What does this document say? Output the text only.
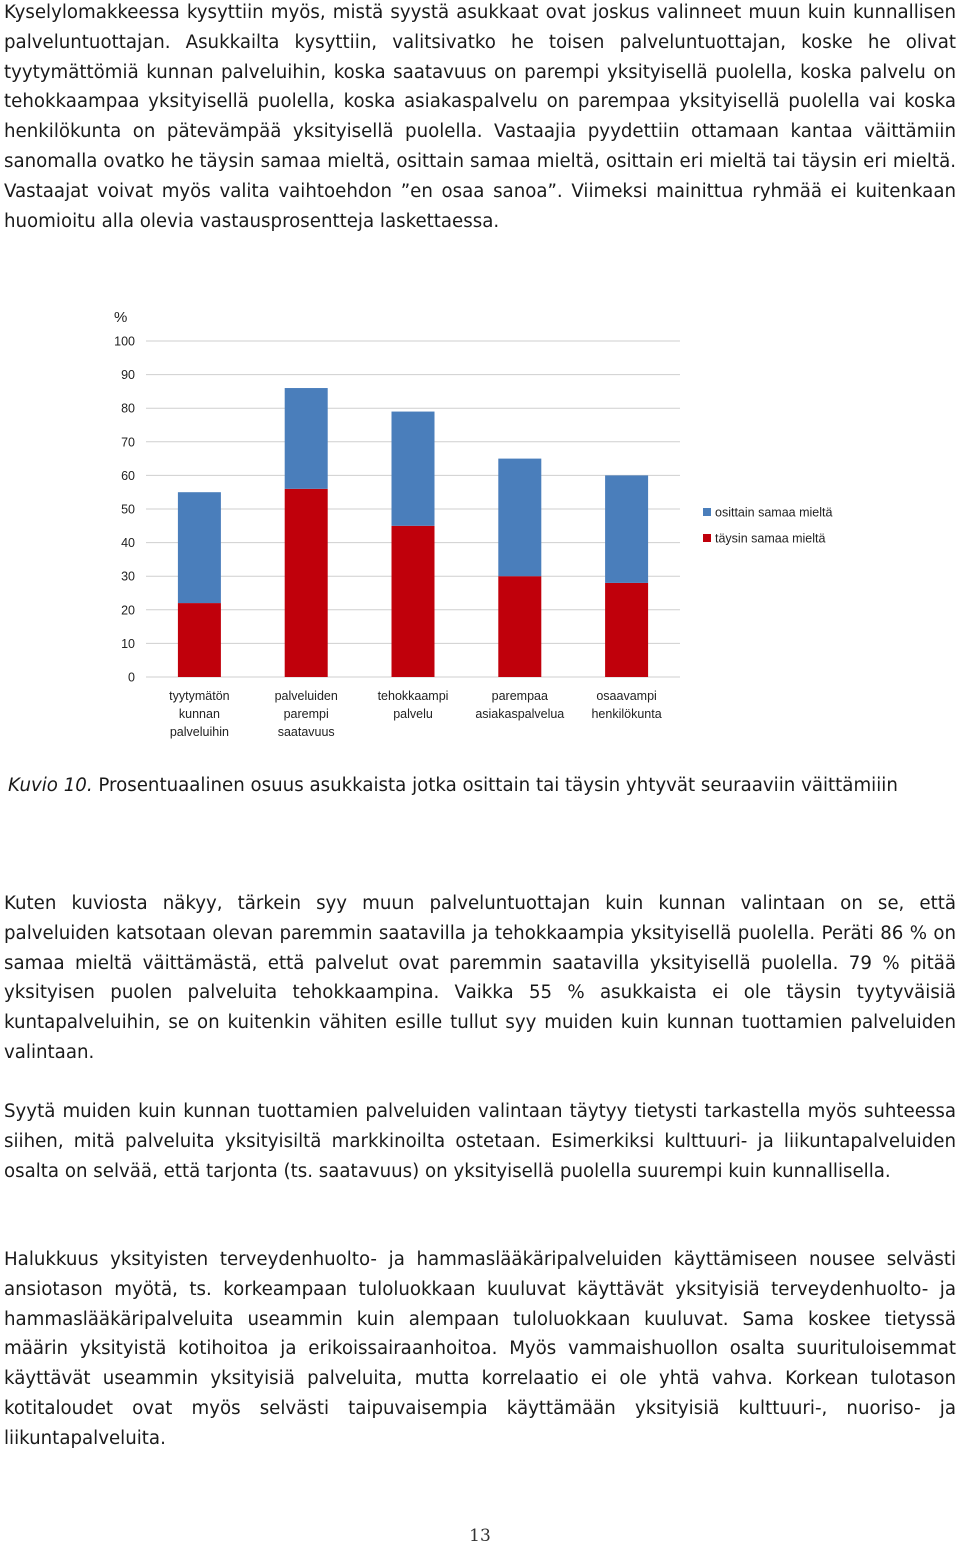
Kyselylomakkeessa kysyttiin myös, mistä syystä asukkaat ovat joskus valinneet muun kuin kunnallisen palveluntuottajan. Asukkailta kysyttiin, valitsivatko he toisen palveluntuottajan, koske he olivat tyytymättömiä kunnan palveluihin, koska saatavuus on parempi yksityisellä puolella, koska palvelu on tehokkaampaa yksityisellä puolella, koska asiakaspalvelu on parempaa yksityisellä puolella vai koska henkilökunta on pätevämpää yksityisellä puolella. Vastaajia pyydettiin ottamaan kantaa väittämiin sanomalla ovatko he täysin samaa mieltä, osittain samaa mieltä, osittain eri mieltä tai täysin eri mieltä. Vastaajat voivat myös valita vaihtoehdon ”en osaa sanoa”. Viimeksi mainittua ryhmää ei kuitenkaan huomioitu alla olevia vastausprosentteja laskettaessa.

%
0
10
20
30
40
50
60
70
80
90
100
tyytymätön
kunnan
palveluihin
palveluiden
parempi
saatavuus
tehokkaampi
palvelu
parempaa
asiakaspalvelua
osaavampi
henkilökunta
osittain samaa mieltä
täysin samaa mieltä

Kuvio 10. Prosentuaalinen osuus asukkaista jotka osittain tai täysin yhtyvät seuraaviin väittämiiin

Kuten kuviosta näkyy, tärkein syy muun palveluntuottajan kuin kunnan valintaan on se, että palveluiden katsotaan olevan paremmin saatavilla ja tehokkaampia yksityisellä puolella. Peräti 86 % on samaa mieltä väittämästä, että palvelut ovat paremmin saatavilla yksityisellä puolella. 79 % pitää yksityisen puolen palveluita tehokkaampina. Vaikka 55 % asukkaista ei ole täysin tyytyväisiä kuntapalveluihin, se on kuitenkin vähiten esille tullut syy muiden kuin kunnan tuottamien palveluiden valintaan.

Syytä muiden kuin kunnan tuottamien palveluiden valintaan täytyy tietysti tarkastella myös suhteessa siihen, mitä palveluita yksityisiltä markkinoilta ostetaan. Esimerkiksi kulttuuri- ja liikuntapalveluiden osalta on selvää, että tarjonta (ts. saatavuus) on yksityisellä puolella suurempi kuin kunnallisella.

Halukkuus yksityisten terveydenhuolto- ja hammaslääkäripalveluiden käyttämiseen nousee selvästi ansiotason myötä, ts. korkeampaan tuloluokkaan kuuluvat käyttävät yksityisiä terveydenhuolto- ja hammaslääkäripalveluita useammin kuin alempaan tuloluokkaan kuuluvat. Sama koskee tietyssä määrin yksityistä kotihoitoa ja erikoissairaanhoitoa. Myös vammaishuollon osalta suurituloisemmat käyttävät useammin yksityisiä palveluita, mutta korrelaatio ei ole yhtä vahva. Korkean tulotason kotitaloudet ovat myös selvästi taipuvaisempia käyttämään yksityisiä kulttuuri-, nuoriso- ja liikuntapalveluita.

13
